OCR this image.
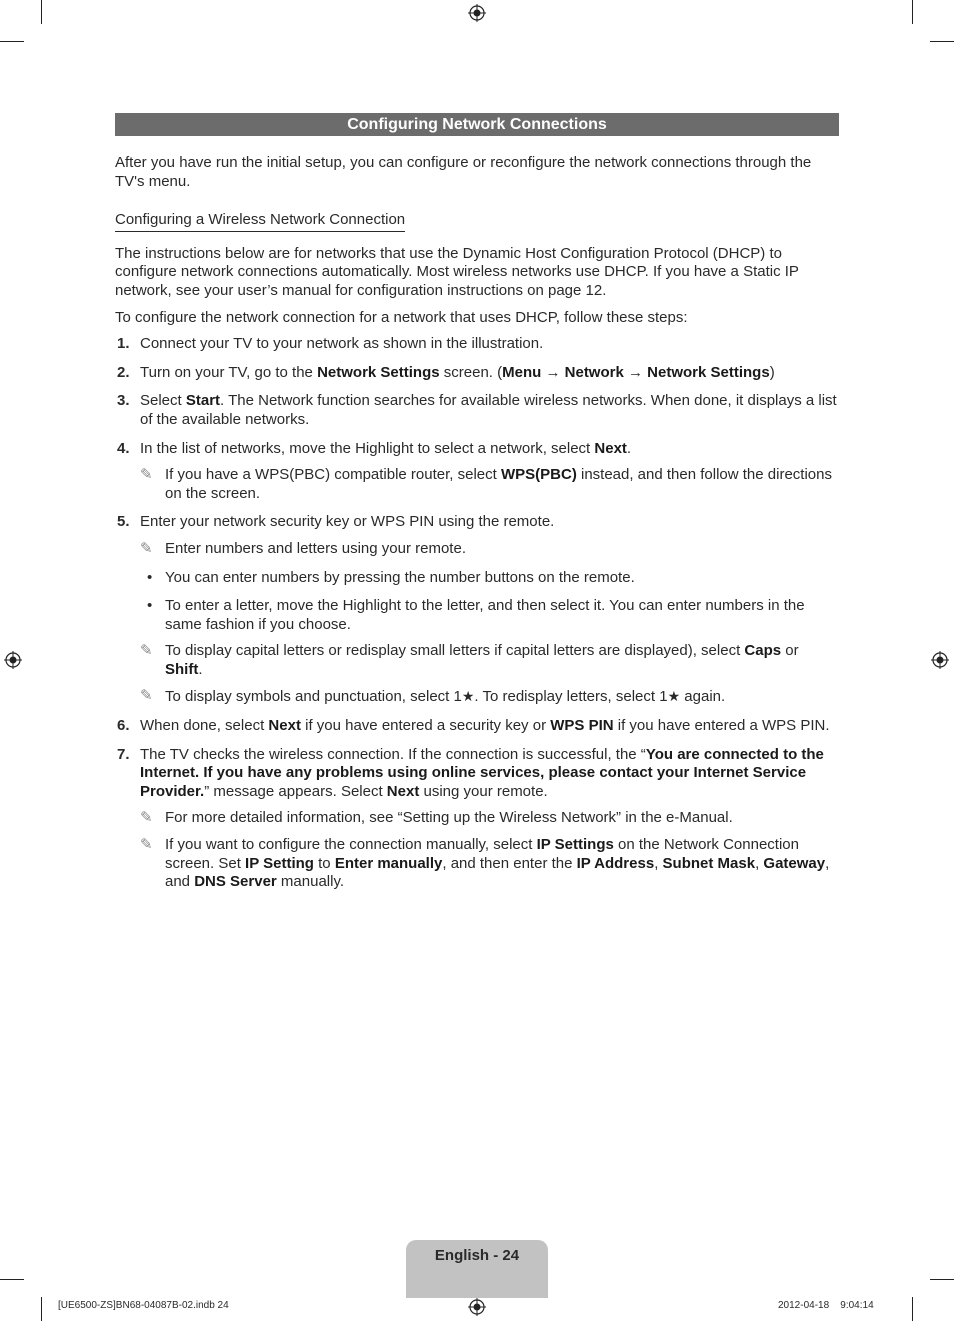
Configuring Network Connections

After you have run the initial setup, you can configure or reconfigure the network connections through the TV's menu.

Configuring a Wireless Network Connection

The instructions below are for networks that use the Dynamic Host Configuration Protocol (DHCP) to configure network connections automatically. Most wireless networks use DHCP. If you have a Static IP network, see your user’s manual for configuration instructions on page 12.

To configure the network connection for a network that uses DHCP, follow these steps:

1. Connect your TV to your network as shown in the illustration.
2. Turn on your TV, go to the Network Settings screen. (Menu → Network → Network Settings)
3. Select Start. The Network function searches for available wireless networks. When done, it displays a list of the available networks.
4. In the list of networks, move the Highlight to select a network, select Next.
✎ If you have a WPS(PBC) compatible router, select WPS(PBC) instead, and then follow the directions on the screen.
5. Enter your network security key or WPS PIN using the remote.
✎ Enter numbers and letters using your remote.
• You can enter numbers by pressing the number buttons on the remote.
• To enter a letter, move the Highlight to the letter, and then select it. You can enter numbers in the same fashion if you choose.
✎ To display capital letters or redisplay small letters if capital letters are displayed), select Caps or Shift.
✎ To display symbols and punctuation, select 1★. To redisplay letters, select 1★ again.
6. When done, select Next if you have entered a security key or WPS PIN if you have entered a WPS PIN.
7. The TV checks the wireless connection. If the connection is successful, the “You are connected to the Internet. If you have any problems using online services, please contact your Internet Service Provider.” message appears. Select Next using your remote.
✎ For more detailed information, see “Setting up the Wireless Network” in the e-Manual.
✎ If you want to configure the connection manually, select IP Settings on the Network Connection screen. Set IP Setting to Enter manually, and then enter the IP Address, Subnet Mask, Gateway, and DNS Server manually.
English - 24
[UE6500-ZS]BN68-04087B-02.indb 24	2012-04-18    9:04:14
